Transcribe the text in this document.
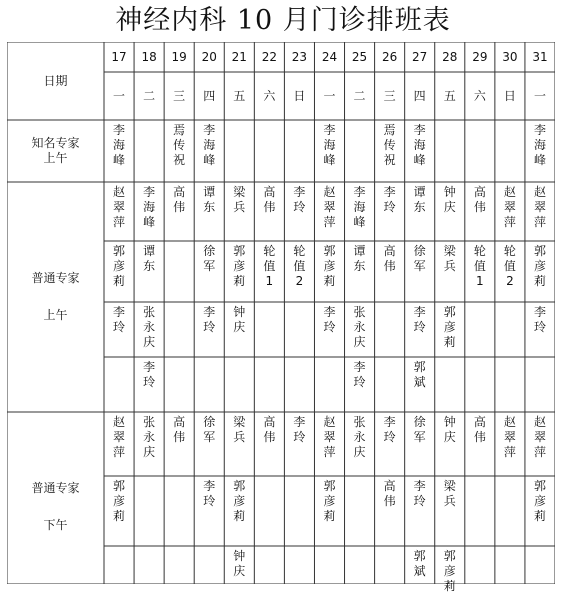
神经内科 10 月门诊排班表
日期
17
一
18
二
19
三
20
四
21
五
22
六
23
日
24
一
25
二
26
三
27
四
28
五
29
六
30
日
31
一
知名专家
上午
李
海
峰
焉
传
祝
李
海
峰
李
海
峰
焉
传
祝
李
海
峰
李
海
峰
普通专家
上午
赵
翠
萍
李
海
峰
高
伟
谭
东
梁
兵
高
伟
李
玲
赵
翠
萍
李
海
峰
李
玲
谭
东
钟
庆
高
伟
赵
翠
萍
赵
翠
萍
郭
彦
莉
谭
东
徐
军
郭
彦
莉
轮
值
1
轮
值
2
郭
彦
莉
谭
东
高
伟
徐
军
梁
兵
轮
值
1
轮
值
2
郭
彦
莉
李
玲
张
永
庆
李
玲
钟
庆
李
玲
张
永
庆
李
玲
郭
彦
莉
李
玲
李
玲
李
玲
郭
斌
普通专家
下午
赵
翠
萍
张
永
庆
高
伟
徐
军
梁
兵
高
伟
李
玲
赵
翠
萍
张
永
庆
李
玲
徐
军
钟
庆
高
伟
赵
翠
萍
赵
翠
萍
郭
彦
莉
李
玲
郭
彦
莉
郭
彦
莉
高
伟
李
玲
梁
兵
郭
彦
莉
钟
庆
郭
斌
郭
彦
莉
